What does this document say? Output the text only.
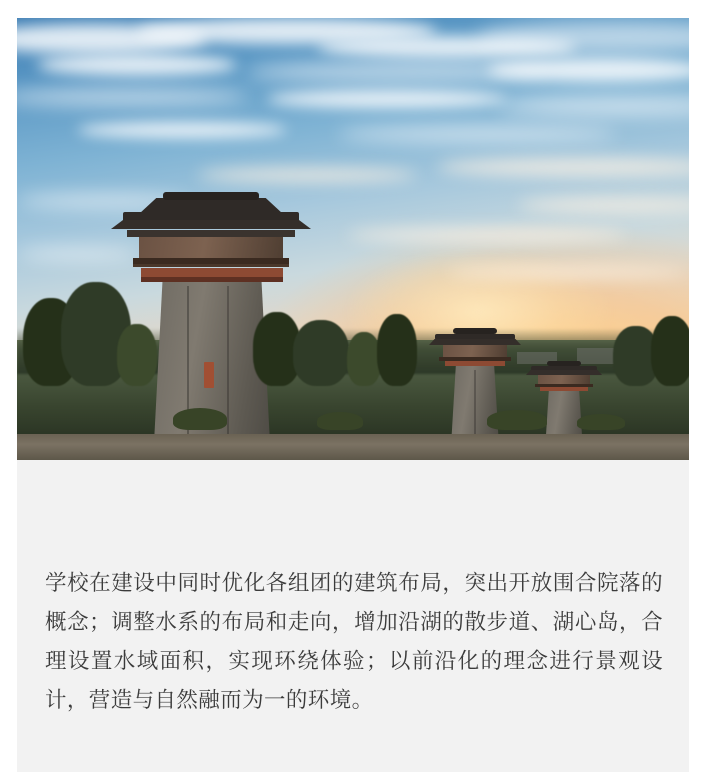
学校在建设中同时优化各组团的建筑布局，突出开放围合院落的概念；调整水系的布局和走向，增加沿湖的散步道、湖心岛，合理设置水域面积，实现环绕体验；以前沿化的理念进行景观设计，营造与自然融而为一的环境。
